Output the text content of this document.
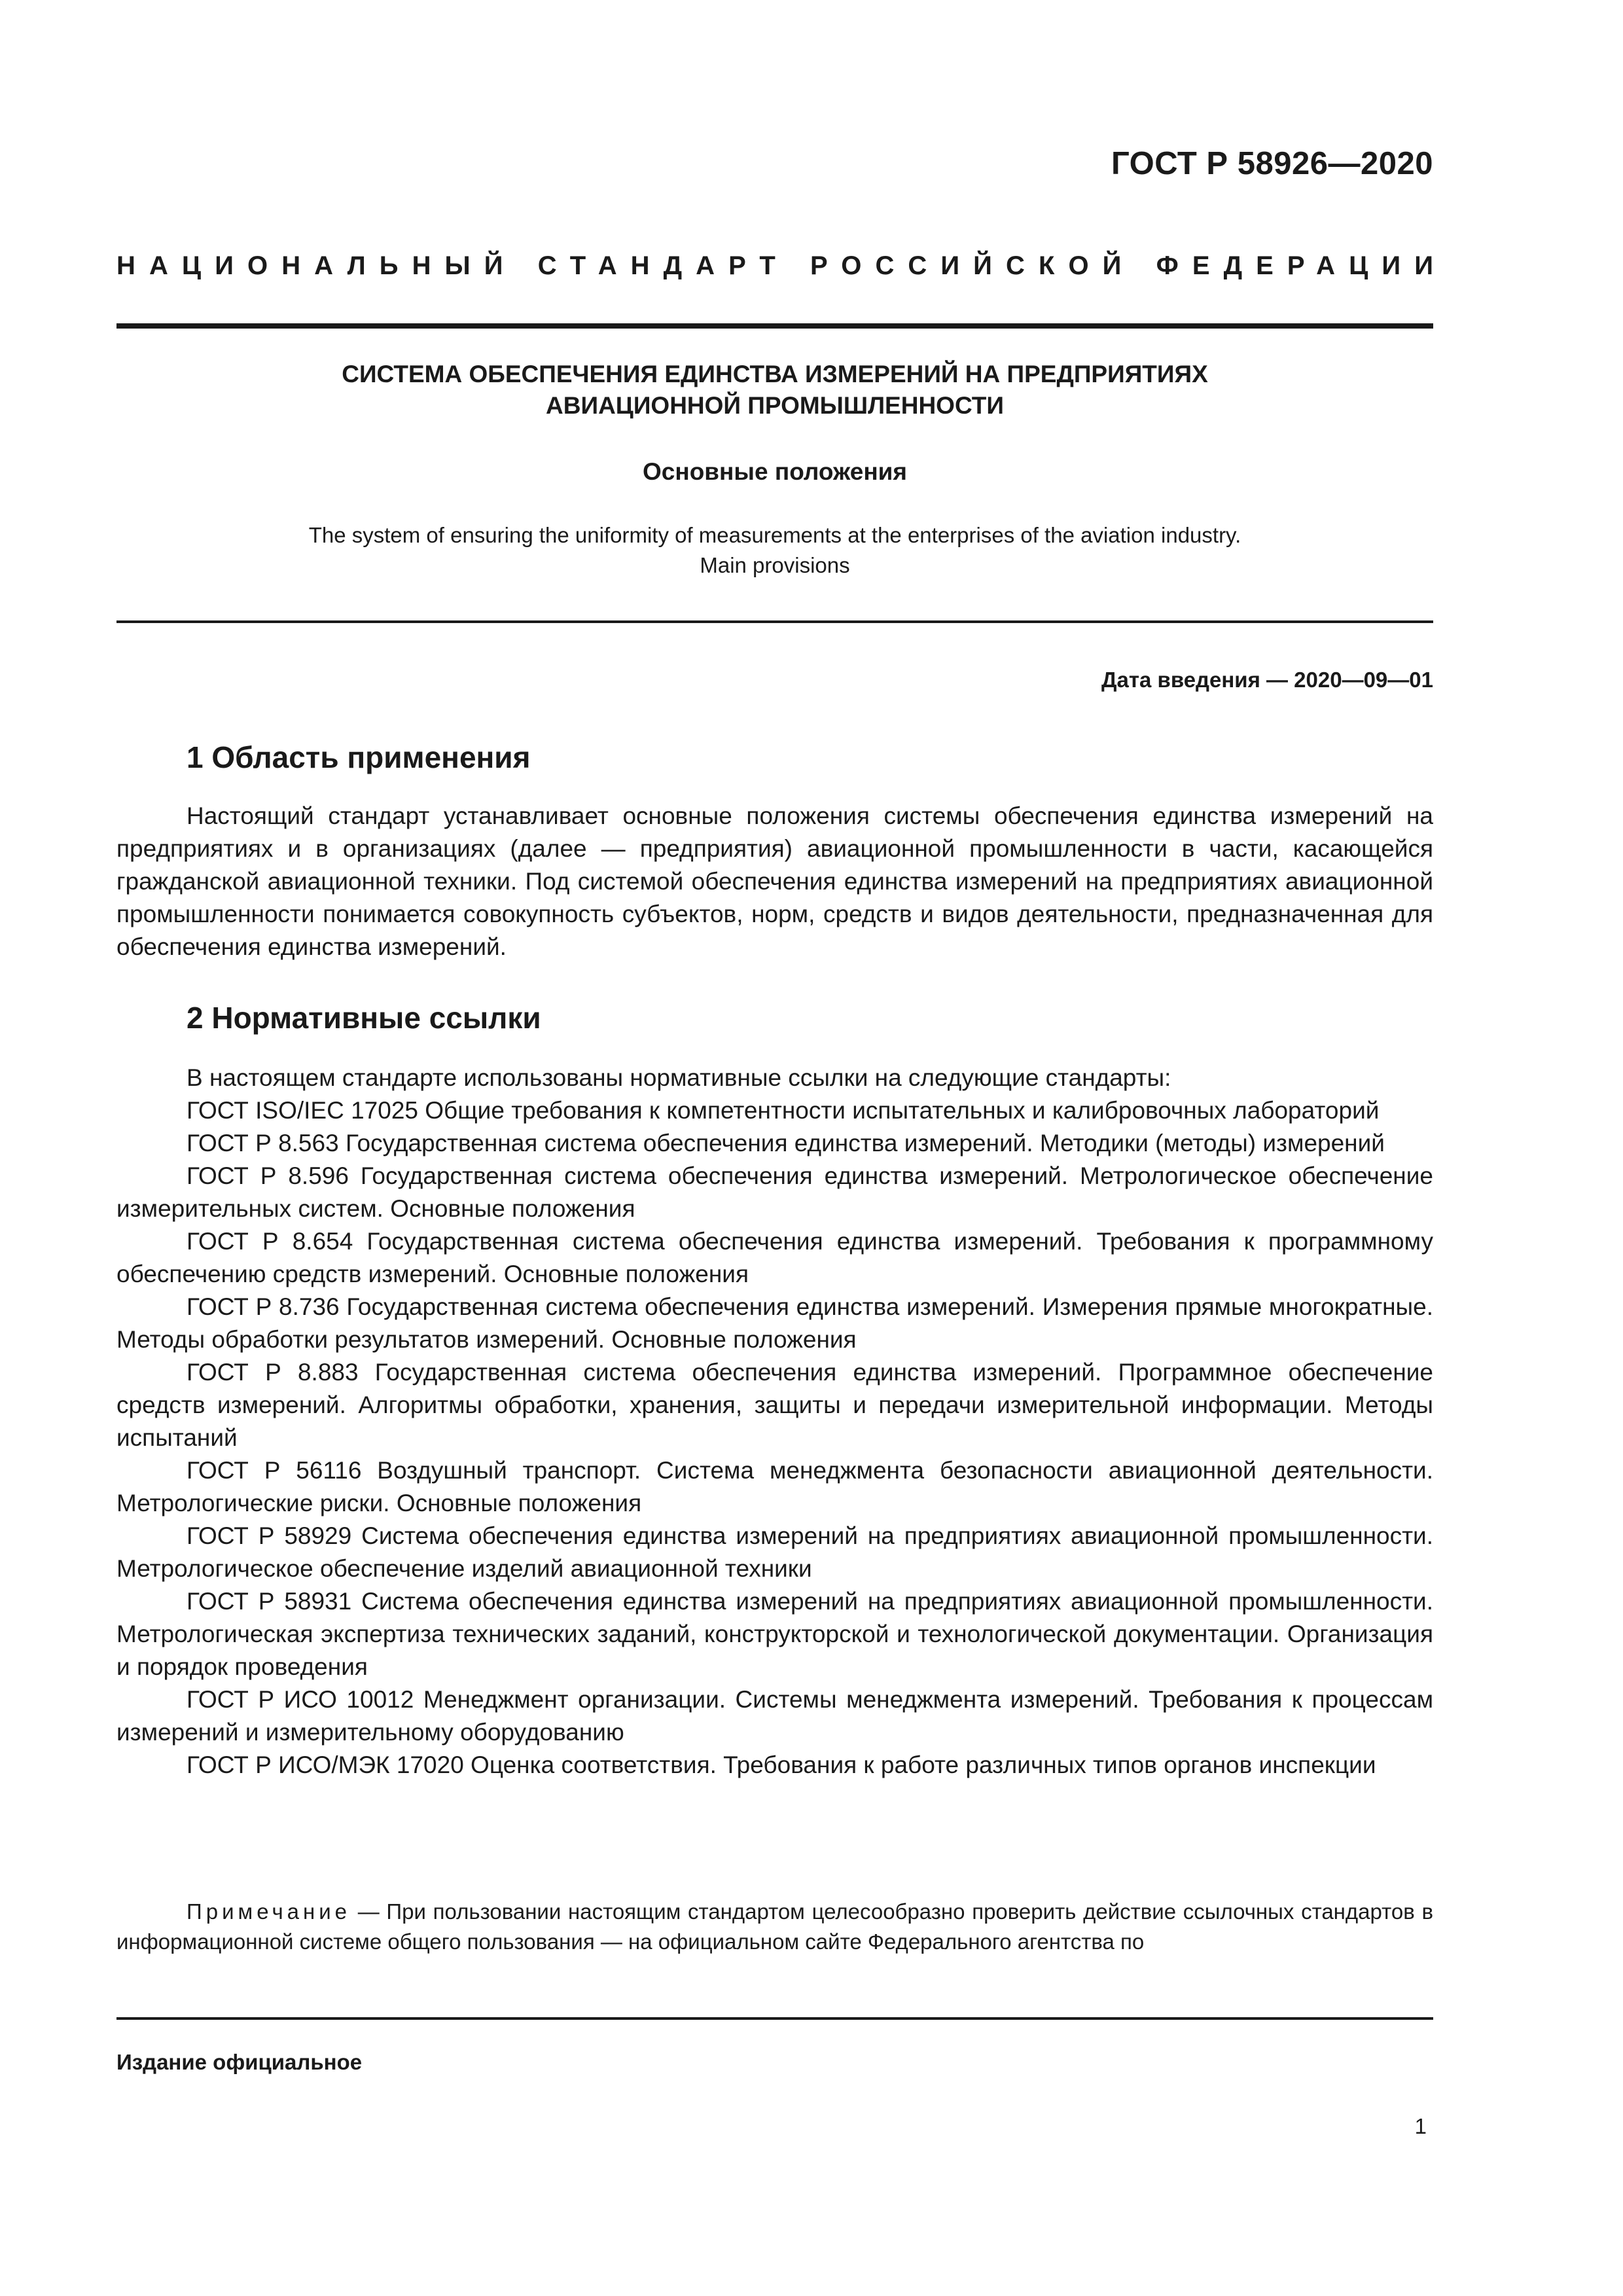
ГОСТ Р 58926—2020
НАЦИОНАЛЬНЫЙ СТАНДАРТ РОССИЙСКОЙ ФЕДЕРАЦИИ
СИСТЕМА ОБЕСПЕЧЕНИЯ ЕДИНСТВА ИЗМЕРЕНИЙ НА ПРЕДПРИЯТИЯХ
АВИАЦИОННОЙ ПРОМЫШЛЕННОСТИ
Основные положения
The system of ensuring the uniformity of measurements at the enterprises of the aviation industry.
Main provisions
Дата введения — 2020—09—01
1 Область применения

Настоящий стандарт устанавливает основные положения системы обеспечения единства измерений на предприятиях и в организациях (далее — предприятия) авиационной промышленности в части, касающейся гражданской авиационной техники. Под системой обеспечения единства измерений на предприятиях авиационной промышленности понимается совокупность субъектов, норм, средств и видов деятельности, предназначенная для обеспечения единства измерений.

2 Нормативные ссылки

В настоящем стандарте использованы нормативные ссылки на следующие стандарты:

ГОСТ ISO/IEC 17025 Общие требования к компетентности испытательных и калибровочных лабораторий

ГОСТ Р 8.563 Государственная система обеспечения единства измерений. Методики (методы) измерений

ГОСТ Р 8.596 Государственная система обеспечения единства измерений. Метрологическое обеспечение измерительных систем. Основные положения

ГОСТ Р 8.654 Государственная система обеспечения единства измерений. Требования к программному обеспечению средств измерений. Основные положения

ГОСТ Р 8.736 Государственная система обеспечения единства измерений. Измерения прямые многократные. Методы обработки результатов измерений. Основные положения

ГОСТ Р 8.883 Государственная система обеспечения единства измерений. Программное обеспечение средств измерений. Алгоритмы обработки, хранения, защиты и передачи измерительной информации. Методы испытаний

ГОСТ Р 56116 Воздушный транспорт. Система менеджмента безопасности авиационной деятельности. Метрологические риски. Основные положения

ГОСТ Р 58929 Система обеспечения единства измерений на предприятиях авиационной промышленности. Метрологическое обеспечение изделий авиационной техники

ГОСТ Р 58931 Система обеспечения единства измерений на предприятиях авиационной промышленности. Метрологическая экспертиза технических заданий, конструкторской и технологической документации. Организация и порядок проведения

ГОСТ Р ИСО 10012 Менеджмент организации. Системы менеджмента измерений. Требования к процессам измерений и измерительному оборудованию

ГОСТ Р ИСО/МЭК 17020 Оценка соответствия. Требования к работе различных типов органов инспекции

Примечание — При пользовании настоящим стандартом целесообразно проверить действие ссылочных стандартов в информационной системе общего пользования — на официальном сайте Федерального агентства по

Издание официальное
1
